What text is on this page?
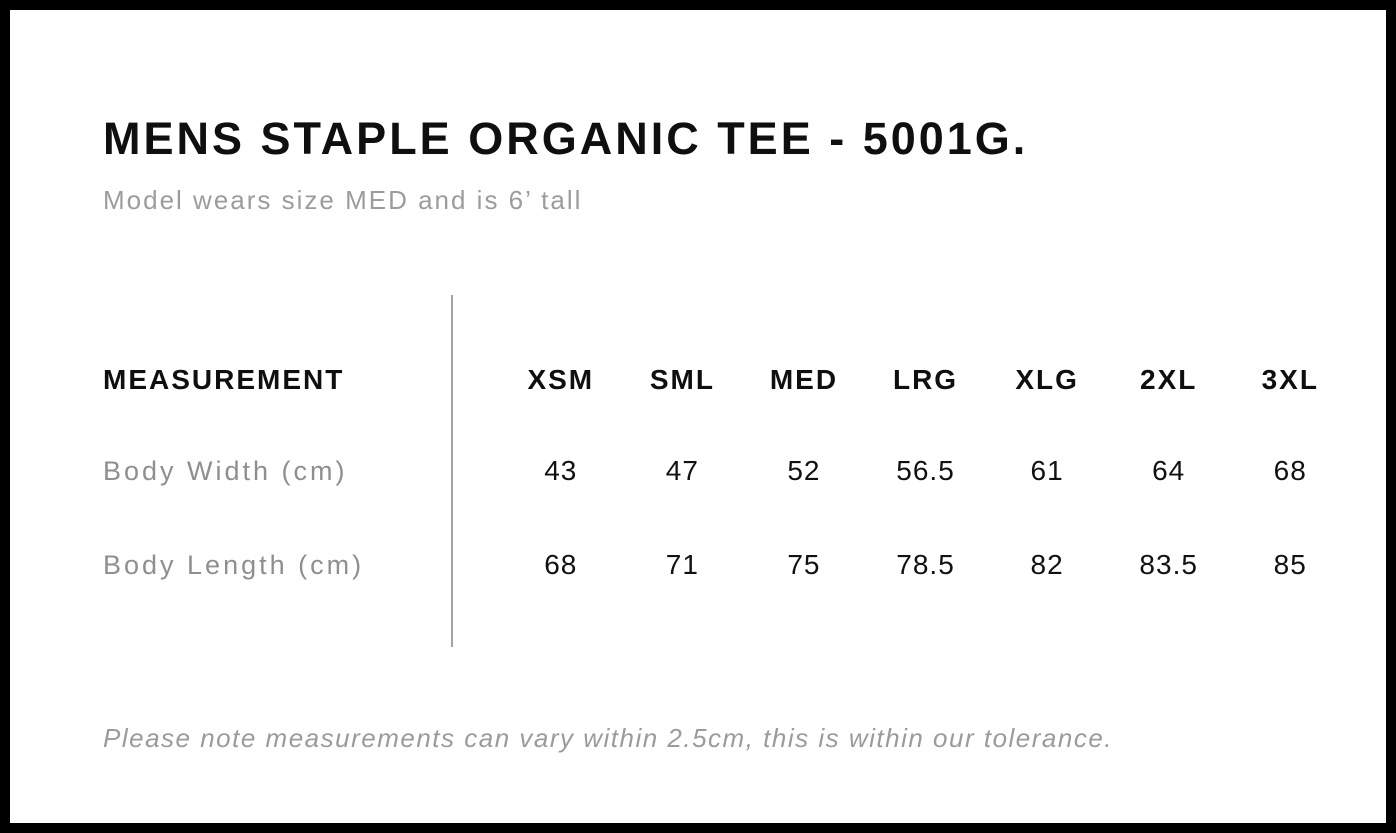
MENS STAPLE ORGANIC TEE - 5001G.

Model wears size MED and is 6’ tall

MEASUREMENT	XSM	SML	MED	LRG	XLG	2XL	3XL
Body Width (cm)	43	47	52	56.5	61	64	68
Body Length (cm)	68	71	75	78.5	82	83.5	85

Please note measurements can vary within 2.5cm, this is within our tolerance.
